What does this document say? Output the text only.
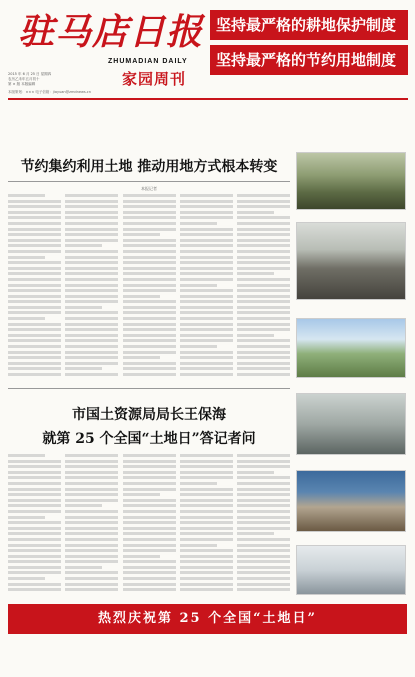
驻马店日报
ZHUMADIAN DAILY
家园周刊
2015 年 6 月 25 日 星期四
农历乙未年五月初十
第 × 版 本版编辑
坚持最严格的耕地保护制度
坚持最严格的节约用地制度
本版策划：××× 电子信箱：jiayuan@zmdnews.cn
节约集约利用土地 推动用地方式根本转变
本报记者
市国土资源局局长王保海
就第 25 个全国“土地日”答记者问
热烈庆祝第 25 个全国“土地日”
